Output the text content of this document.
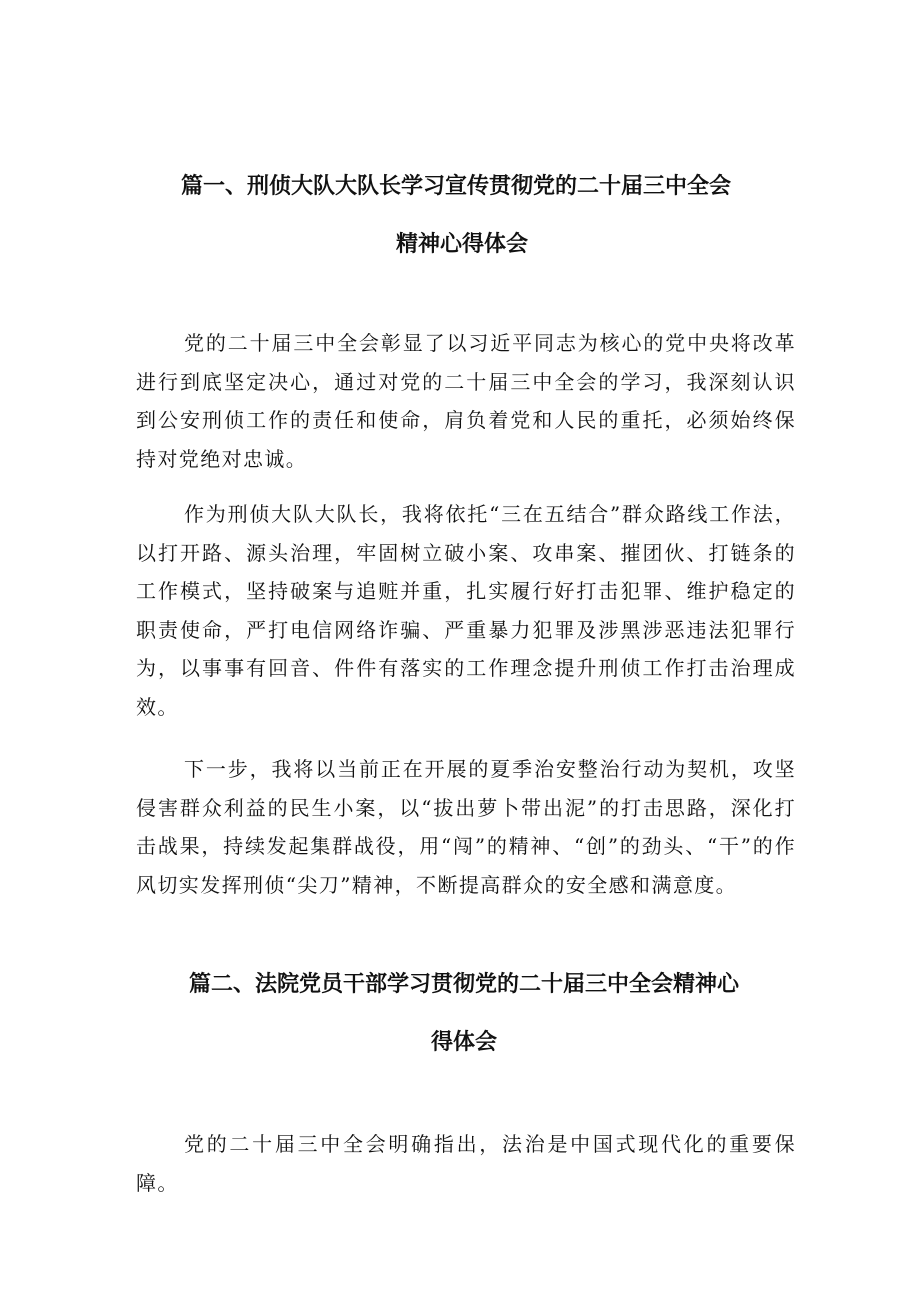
篇一、刑侦大队大队长学习宣传贯彻党的二十届三中全会
精神心得体会

党的二十届三中全会彰显了以习近平同志为核心的党中央将改革进行到底坚定决心，通过对党的二十届三中全会的学习，我深刻认识到公安刑侦工作的责任和使命，肩负着党和人民的重托，必须始终保持对党绝对忠诚。

作为刑侦大队大队长，我将依托“三在五结合”群众路线工作法，以打开路、源头治理，牢固树立破小案、攻串案、摧团伙、打链条的工作模式，坚持破案与追赃并重，扎实履行好打击犯罪、维护稳定的职责使命，严打电信网络诈骗、严重暴力犯罪及涉黑涉恶违法犯罪行为，以事事有回音、件件有落实的工作理念提升刑侦工作打击治理成效。

下一步，我将以当前正在开展的夏季治安整治行动为契机，攻坚侵害群众利益的民生小案，以“拔出萝卜带出泥”的打击思路，深化打击战果，持续发起集群战役，用“闯”的精神、“创”的劲头、“干”的作风切实发挥刑侦“尖刀”精神，不断提高群众的安全感和满意度。

篇二、法院党员干部学习贯彻党的二十届三中全会精神心
得体会

党的二十届三中全会明确指出，法治是中国式现代化的重要保障。
